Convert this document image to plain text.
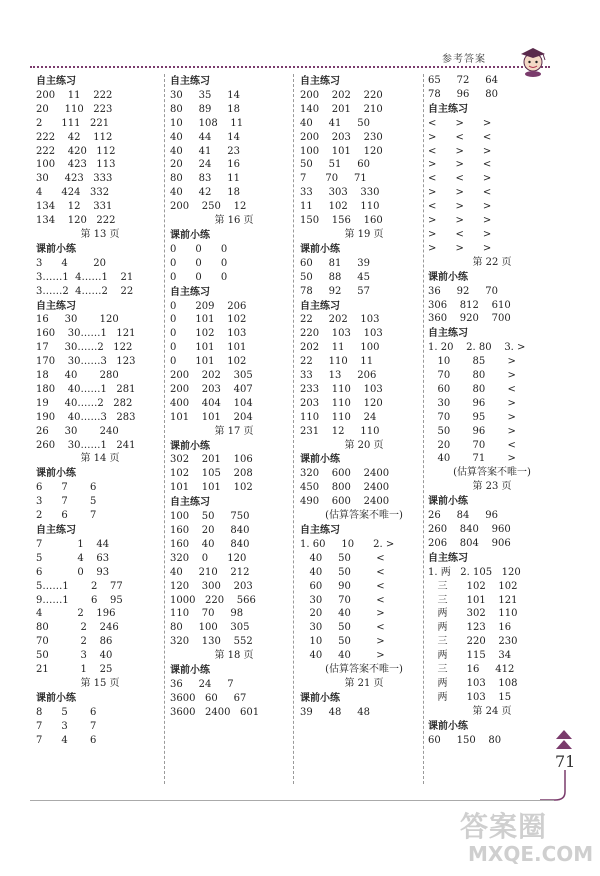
参考答案
自主练习
200    11    222
20     110   223
2      111   221
222    42    112
222    420   112
100    423   113
30     423   333
4      424   332
134    12    331
134    120   222
第 13 页
课前小练
3      4        20
3……1  4……1    21
3……2  4……2    22
自主练习
16     30       120
160    30……1   121
17     30……2   122
170    30……3   123
18     40       280
180    40……1   281
19     40……2   282
190    40……3   283
26     30       240
260    30……1   241
第 14 页
课前小练
6      7       6
3      7       5
2      6       7
自主练习
7           1    44
5           4    63
6           0    93
5……1       2    77
9……1       6    95
4           2    196
80          2    246
70          2    86
50          3    40
21          1    25
第 15 页
课前小练
8      5       6
7      3       7
7      4       6
自主练习
30     35     14
80     89     18
10     108    11
40     44     14
40     41     23
20     24     16
80     83     11
40     42     18
200    250    12
第 16 页
课前小练
0      0      0
0      0      0
0      0      0
自主练习
0      209    206
0      101    102
0      102    103
0      101    101
0      101    102
200    202    305
200    203    407
400    404    104
101    101    204
第 17 页
课前小练
302    201    106
102    105    208
101    101    102
自主练习
100    50     750
160    20     840
160    40     840
320    0      120
40     210    212
120    300    203
1000   220    566
110    70     98
80     100    305
320    130    552
第 18 页
课前小练
36     24     7
3600   60     67
3600   2400   601
自主练习
200    202    220
140    201    210
40     41     50
200    203    230
100    101    120
50     51     60
7      70     71
33     303    330
11     102    110
150    156    160
第 19 页
课前小练
60     81     39
50     88     45
78     92     57
自主练习
22     202    103
220    103    103
202    11     100
22     110    11
33     13     206
233    110    103
203    110    120
110    110    24
231    12     110
第 20 页
课前小练
320    600    2400
450    800    2400
490    600    2400
(估算答案不唯一)
自主练习
1. 60     10      2. >
40     50        <
40     50        <
60     90        <
30     70        <
20     40        >
30     50        <
10     50        >
40     40        >
(估算答案不唯一)
第 21 页
课前小练
39     48     48
65     72     64
78     96     80
自主练习
<      >      >
>      <      <
<      >      >
>      >      <
<      <      >
>      >      <
<      >      >
>      >      >
>      <      >
>      >      >
第 22 页
课前小练
36     92     70
306    812    610
360    920    700
自主练习
1. 20    2. 80    3. >
10       85       >
70       80       >
60       80       <
30       96       >
70       95       >
50       96       >
20       70       <
40       71       >
(估算答案不唯一)
第 23 页
课前小练
26     84     96
260    840    960
206    804    906
自主练习
1. 两   2. 105   120
三      102    102
三      101    121
两      302    110
两      123    16
三      220    230
两      115    34
三      16     412
两      103    108
两      103    15
第 24 页
课前小练
60     150    80
71
答案圈
MXQE.COM
